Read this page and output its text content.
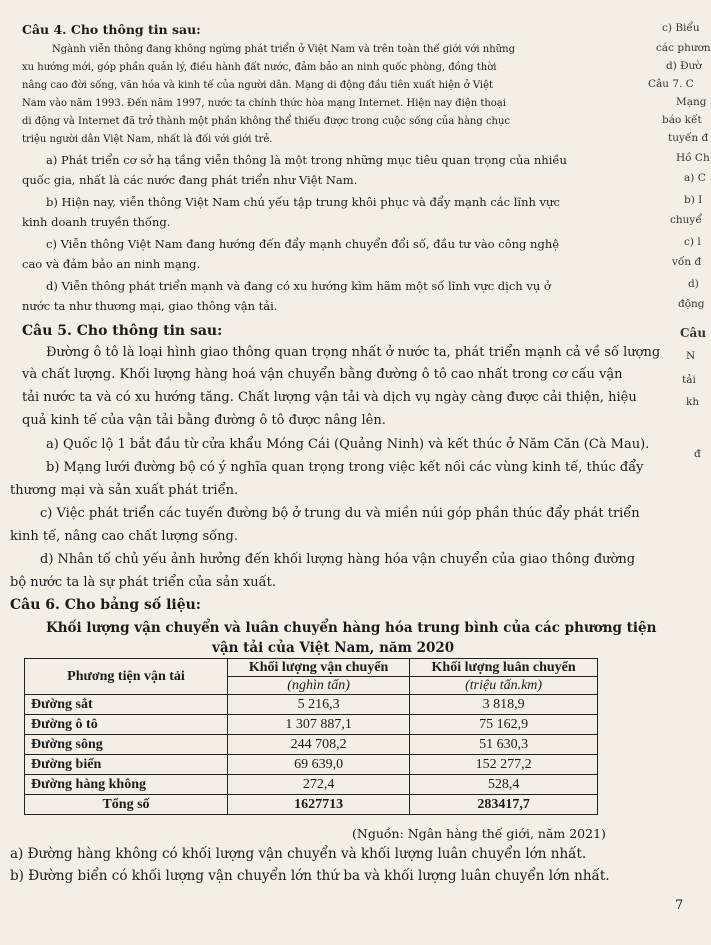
Câu 4. Cho thông tin sau:
Ngành viễn thông đang không ngừng phát triển ở Việt Nam và trên toàn thế giới với những
xu hướng mới, góp phần quản lý, điều hành đất nước, đảm bảo an ninh quốc phòng, đồng thời
nâng cao đời sống, văn hóa và kinh tế của người dân. Mạng di động đầu tiên xuất hiện ở Việt
Nam vào năm 1993. Đến năm 1997, nước ta chính thức hòa mạng Internet. Hiện nay điện thoại
di động và Internet đã trở thành một phần không thể thiếu được trong cuộc sống của hàng chục
triệu người dân Việt Nam, nhất là đối với giới trẻ.
a) Phát triển cơ sở hạ tầng viễn thông là một trong những mục tiêu quan trọng của nhiều
quốc gia, nhất là các nước đang phát triển như Việt Nam.
b) Hiện nay, viễn thông Việt Nam chú yếu tập trung khôi phục và đẩy mạnh các lĩnh vực
kinh doanh truyền thống.
c) Viễn thông Việt Nam đang hướng đến đẩy mạnh chuyển đổi số, đầu tư vào công nghệ
cao và đảm bảo an ninh mạng.
d) Viễn thông phát triển mạnh và đang có xu hướng kìm hãm một số lĩnh vực dịch vụ ở
nước ta như thương mại, giao thông vận tải.
c) Biểu
các phươn
d) Đườ
Câu 7. C
Mạng
báo kết
tuyến đ
Hồ Ch
a) C
b) I
chuyể
c) l
vốn đ
d)
động
Câu
N
tải
kh
đ
Câu 5. Cho thông tin sau:
Đường ô tô là loại hình giao thông quan trọng nhất ở nước ta, phát triển mạnh cả về số lượng
và chất lượng. Khối lượng hàng hoá vận chuyển bằng đường ô tô cao nhất trong cơ cấu vận
tải nước ta và có xu hướng tăng. Chất lượng vận tải và dịch vụ ngày càng được cải thiện, hiệu
quả kinh tế của vận tải bằng đường ô tô được nâng lên.
a) Quốc lộ 1 bắt đầu từ cửa khẩu Móng Cái (Quảng Ninh) và kết thúc ở Năm Căn (Cà Mau).
b) Mạng lưới đường bộ có ý nghĩa quan trọng trong việc kết nối các vùng kinh tế, thúc đẩy
thương mại và sản xuất phát triển.
c) Việc phát triển các tuyến đường bộ ở trung du và miền núi góp phần thúc đẩy phát triển
kinh tế, nâng cao chất lượng sống.
d) Nhân tố chủ yếu ảnh hưởng đến khối lượng hàng hóa vận chuyển của giao thông đường
bộ nước ta là sự phát triển của sản xuất.
Câu 6. Cho bảng số liệu:
Khối lượng vận chuyển và luân chuyển hàng hóa trung bình của các phương tiện
vận tải của Việt Nam, năm 2020
Phương tiện vận tải	Khối lượng vận chuyển	Khối lượng luân chuyển
	(nghìn tấn)	(triệu tấn.km)
Đường sắt	5 216,3	3 818,9
Đường ô tô	1 307 887,1	75 162,9
Đường sông	244 708,2	51 630,3
Đường biển	69 639,0	152 277,2
Đường hàng không	272,4	528,4
Tổng số	1627713	283417,7
(Nguồn: Ngân hàng thế giới, năm 2021)
a) Đường hàng không có khối lượng vận chuyển và khối lượng luân chuyển lớn nhất.
b) Đường biển có khối lượng vận chuyển lớn thứ ba và khối lượng luân chuyển lớn nhất.
7
